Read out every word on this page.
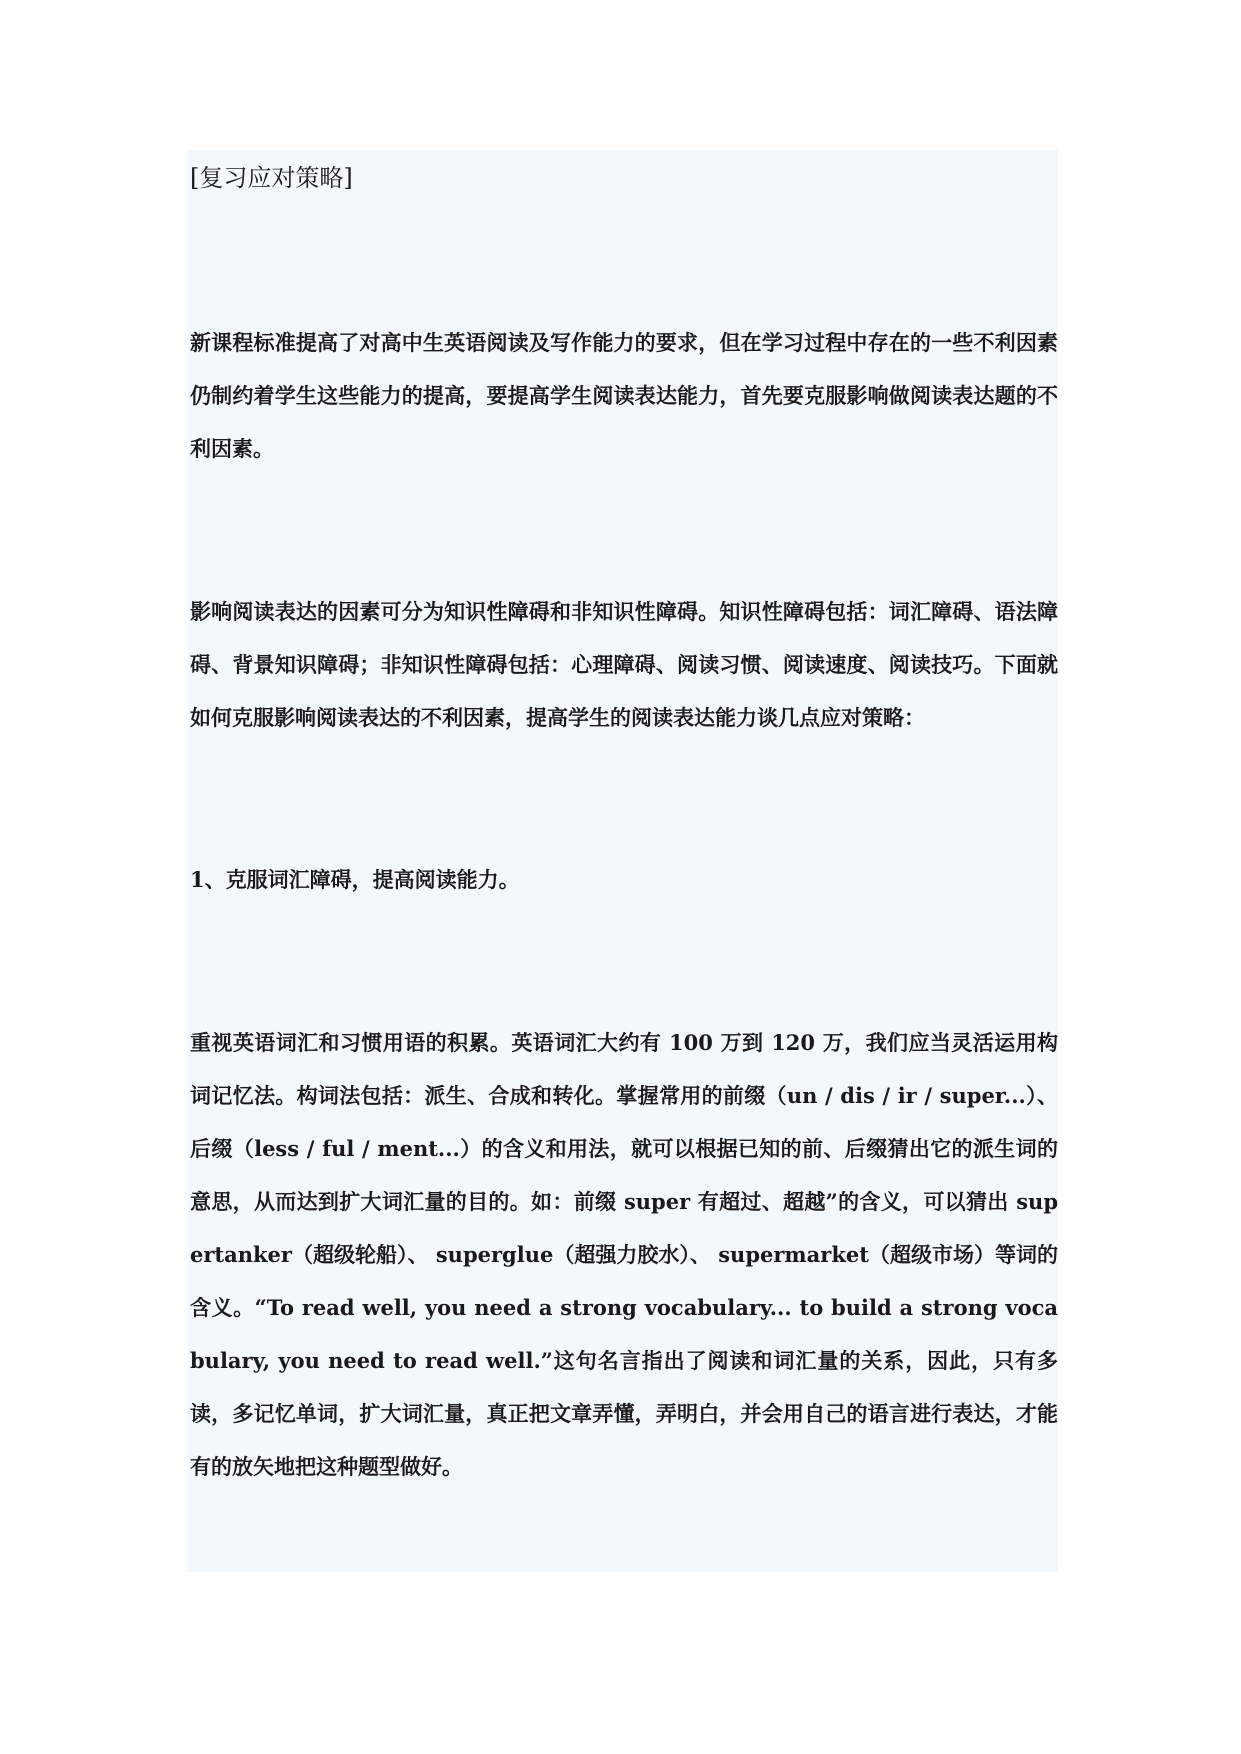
[复习应对策略]
新课程标准提高了对高中生英语阅读及写作能力的要求，但在学习过程中存在的一些不利因素仍制约着学生这些能力的提高，要提高学生阅读表达能力，首先要克服影响做阅读表达题的不利因素。
影响阅读表达的因素可分为知识性障碍和非知识性障碍。知识性障碍包括：词汇障碍、语法障碍、背景知识障碍；非知识性障碍包括：心理障碍、阅读习惯、阅读速度、阅读技巧。下面就如何克服影响阅读表达的不利因素，提高学生的阅读表达能力谈几点应对策略：
1、克服词汇障碍，提高阅读能力。
重视英语词汇和习惯用语的积累。英语词汇大约有 100 万到 120 万，我们应当灵活运用构词记忆法。构词法包括：派生、合成和转化。掌握常用的前缀（un / dis / ir / super...）、后缀（less / ful / ment...）的含义和用法，就可以根据已知的前、后缀猜出它的派生词的意思，从而达到扩大词汇量的目的。如：前缀 super 有超过、超越”的含义，可以猜出 supertanker（超级轮船）、 superglue（超强力胶水）、 supermarket（超级市场）等词的含义。“To read well, you need a strong vocabulary... to build a strong vocabulary, you need to read well.”这句名言指出了阅读和词汇量的关系，因此，只有多读，多记忆单词，扩大词汇量，真正把文章弄懂，弄明白，并会用自己的语言进行表达，才能有的放矢地把这种题型做好。
